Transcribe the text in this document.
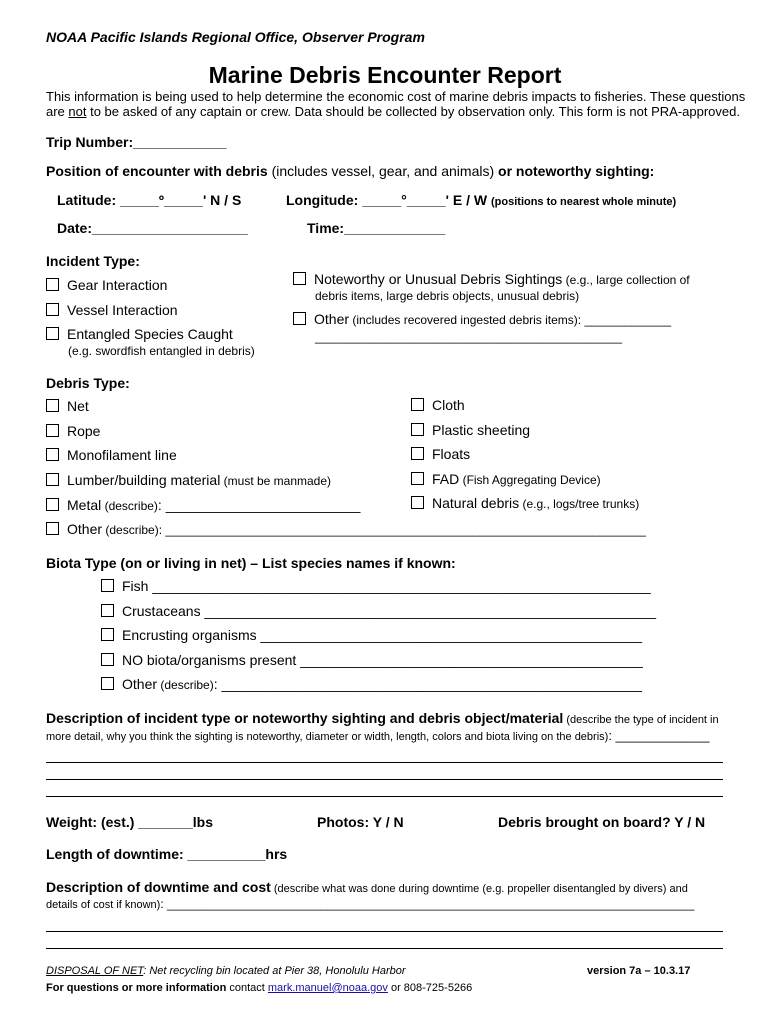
NOAA Pacific Islands Regional Office, Observer Program
Marine Debris Encounter Report
This information is being used to help determine the economic cost of marine debris impacts to fisheries. These questions
are not to be asked of any captain or crew. Data should be collected by observation only. This form is not PRA-approved.
Trip Number:____________
Position of encounter with debris (includes vessel, gear, and animals) or noteworthy sighting:
Latitude: _____º_____' N / S	Longitude: _____°_____' E / W (positions to nearest whole minute)
Date:____________________	Time:_____________
Incident Type:
Gear Interaction
Vessel Interaction
Entangled Species Caught
(e.g. swordfish entangled in debris)
Noteworthy or Unusual Debris Sightings (e.g., large collection of
debris items, large debris objects, unusual debris)
Other (includes recovered ingested debris items): _____________
______________________________________________
Debris Type:
Net
Rope
Monofilament line
Lumber/building material (must be manmade)
Metal (describe): _________________________
Other (describe): ________________________________________________________________________
Cloth
Plastic sheeting
Floats
FAD (Fish Aggregating Device)
Natural debris (e.g., logs/tree trunks)
Biota Type (on or living in net) – List species names if known:
Fish ________________________________________________________________
Crustaceans __________________________________________________________
Encrusting organisms _________________________________________________
NO biota/organisms present ____________________________________________
Other (describe): ______________________________________________________
Description of incident type or noteworthy sighting and debris object/material (describe the type of incident in
more detail, why you think the sighting is noteworthy, diameter or width, length, colors and biota living on the debris): _____________
Weight: (est.) _______lbs	Photos: Y / N	Debris brought on board? Y / N
Length of downtime: __________hrs
Description of downtime and cost (describe what was done during downtime (e.g. propeller disentangled by divers) and
details of cost if known): _______________________________________________________________________________
DISPOSAL OF NET: Net recycling bin located at Pier 38, Honolulu Harbor	version 7a – 10.3.17
For questions or more information contact mark.manuel@noaa.gov or 808-725-5266
